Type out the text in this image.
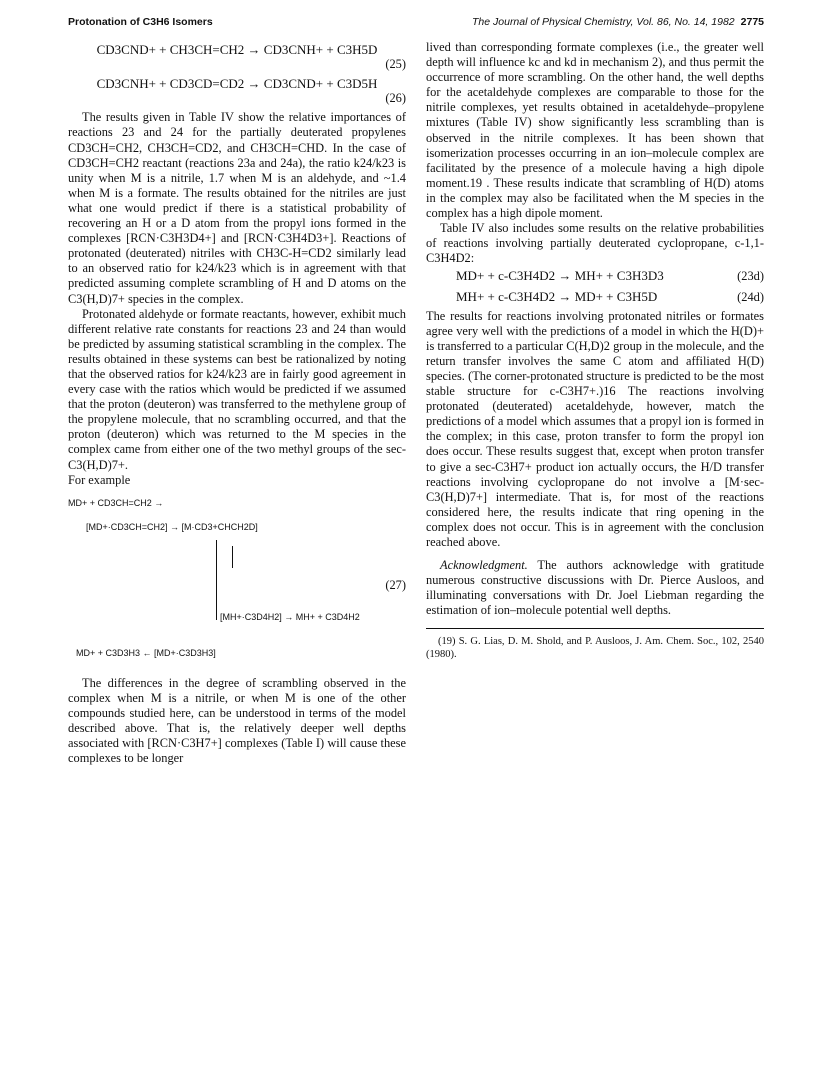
Protonation of C3H6 Isomers	The Journal of Physical Chemistry, Vol. 86, No. 14, 1982 2775
CD3CND+ + CH3CH=CH2 → CD3CNH+ + C3H5D
(25)
CD3CNH+ + CD3CD=CD2 → CD3CND+ + C3D5H
(26)

The results given in Table IV show the relative importances of reactions 23 and 24 for the partially deuterated propylenes CD3CH=CH2, CH3CH=CD2, and CH3CH=CHD. In the case of CD3CH=CH2 reactant (reactions 23a and 24a), the ratio k24/k23 is unity when M is a nitrile, 1.7 when M is an aldehyde, and ~1.4 when M is a formate. The results obtained for the nitriles are just what one would predict if there is a statistical probability of recovering an H or a D atom from the propyl ions formed in the complexes [RCN·C3H3D4+] and [RCN·C3H4D3+]. Reactions of protonated (deuterated) nitriles with CH3C-H=CD2 similarly lead to an observed ratio for k24/k23 which is in agreement with that predicted assuming complete scrambling of H and D atoms on the C3(H,D)7+ species in the complex.

Protonated aldehyde or formate reactants, however, exhibit much different relative rate constants for reactions 23 and 24 than would be predicted by assuming statistical scrambling in the complex. The results obtained in these systems can best be rationalized by noting that the observed ratios for k24/k23 are in fairly good agreement in every case with the ratios which would be predicted if we assumed that the proton (deuteron) was transferred to the methylene group of the propylene molecule, that no scrambling occurred, and that the proton (deuteron) which was returned to the M species in the complex came from either one of the two methyl groups of the sec-C3(H,D)7+.

For example

MD+ + CD3CH=CH2 →
[MD+·CD3CH=CH2] → [M·CD3+CHCH2D]
[MH+·C3D4H2] → MH+ + C3D4H2
(27)
MD+ + C3D3H3 ← [MD+·C3D3H3]

The differences in the degree of scrambling observed in the complex when M is a nitrile, or when M is one of the other compounds studied here, can be understood in terms of the model described above. That is, the relatively deeper well depths associated with [RCN·C3H7+] complexes (Table I) will cause these complexes to be longer

lived than corresponding formate complexes (i.e., the greater well depth will influence kc and kd in mechanism 2), and thus permit the occurrence of more scrambling. On the other hand, the well depths for the acetaldehyde complexes are comparable to those for the nitrile complexes, yet results obtained in acetaldehyde–propylene mixtures (Table IV) show significantly less scrambling than is observed in the nitrile complexes. It has been shown that isomerization processes occurring in an ion–molecule complex are facilitated by the presence of a molecule having a high dipole moment.19 . These results indicate that scrambling of H(D) atoms in the complex may also be facilitated when the M species in the complex has a high dipole moment.

Table IV also includes some results on the relative probabilities of reactions involving partially deuterated cyclopropane, c-1,1-C3H4D2:

MD+ + c-C3H4D2 → MH+ + C3H3D3	(23d)
MH+ + c-C3H4D2 → MD+ + C3H5D	(24d)

The results for reactions involving protonated nitriles or formates agree very well with the predictions of a model in which the H(D)+ is transferred to a particular C(H,D)2 group in the molecule, and the return transfer involves the same C atom and affiliated H(D) species. (The corner-protonated structure is predicted to be the most stable structure for c-C3H7+.)16 The reactions involving protonated (deuterated) acetaldehyde, however, match the predictions of a model which assumes that a propyl ion is formed in the complex; in this case, proton transfer to form the propyl ion does occur. These results suggest that, except when proton transfer to give a sec-C3H7+ product ion actually occurs, the H/D transfer reactions involving cyclopropane do not involve a [M·sec-C3(H,D)7+] intermediate. That is, for most of the reactions considered here, the results indicate that ring opening in the complex does not occur. This is in agreement with the conclusion reached above.

Acknowledgment. The authors acknowledge with gratitude numerous constructive discussions with Dr. Pierce Ausloos, and illuminating conversations with Dr. Joel Liebman regarding the estimation of ion–molecule potential well depths.

(19) S. G. Lias, D. M. Shold, and P. Ausloos, J. Am. Chem. Soc., 102, 2540 (1980).
